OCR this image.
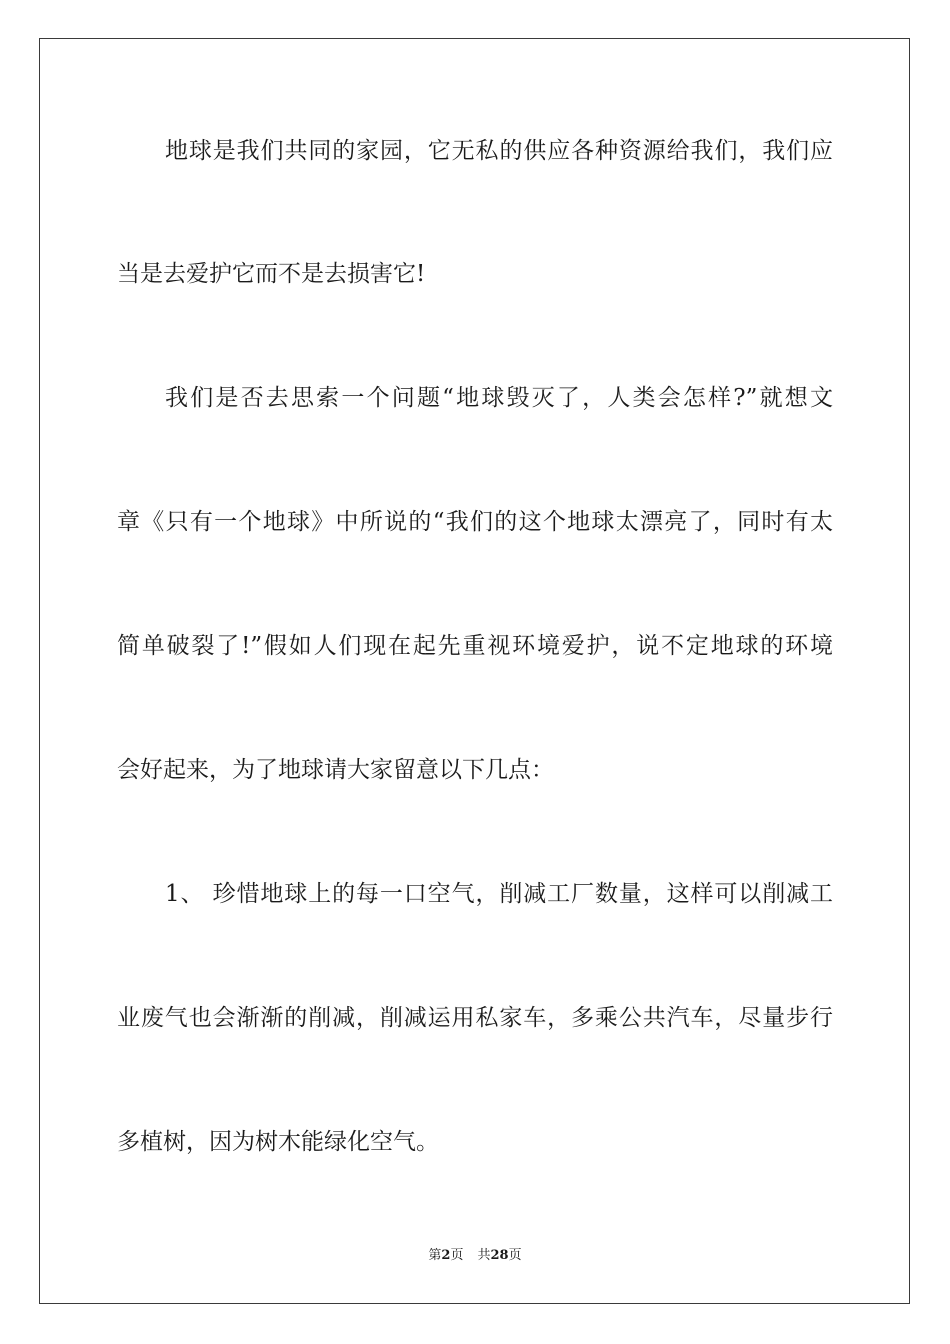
地球是我们共同的家园，它无私的供应各种资源给我们，我们应

当是去爱护它而不是去损害它!

我们是否去思索一个问题“地球毁灭了，人类会怎样?”就想文

章《只有一个地球》中所说的“我们的这个地球太漂亮了，同时有太

简单破裂了!”假如人们现在起先重视环境爱护，说不定地球的环境

会好起来，为了地球请大家留意以下几点：

1、 珍惜地球上的每一口空气，削减工厂数量，这样可以削减工

业废气也会渐渐的削减，削减运用私家车，多乘公共汽车，尽量步行

多植树，因为树木能绿化空气。

第2页 共28页
